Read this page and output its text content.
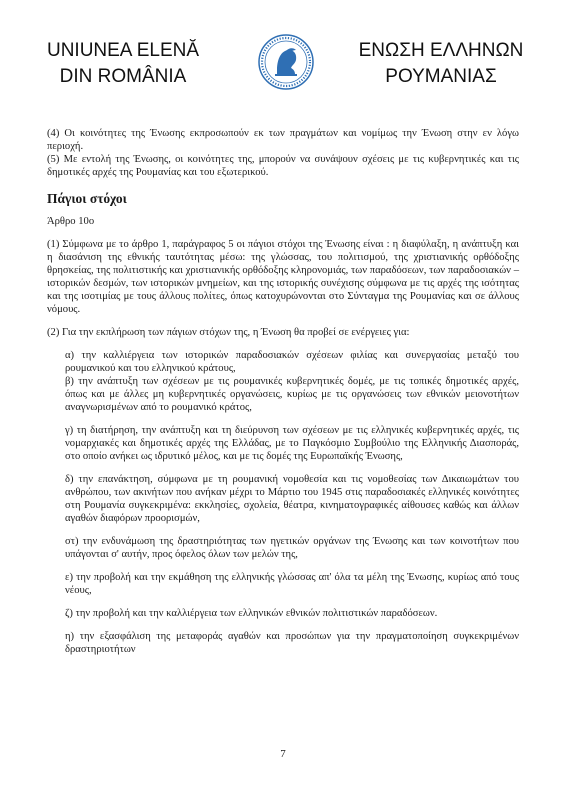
UNIUNEA ELENĂ
DIN ROMÂNIA
ΕΝΩΣΗ ΕΛΛΗΝΩΝ
ΡΟΥΜΑΝΙΑΣ

(4) Οι κοινότητες της Ένωσης εκπροσωπούν εκ των πραγμάτων και νομίμως την Ένωση στην εν λόγω περιοχή.

(5) Με εντολή της Ένωσης, οι κοινότητες της, μπορούν να συνάψουν σχέσεις με τις κυβερνητικές και τις δημοτικές αρχές της Ρουμανίας και του εξωτερικού.

Πάγιοι στόχοι

Άρθρο 10ο

(1) Σύμφωνα με το άρθρο 1, παράγραφος 5 οι πάγιοι στόχοι της Ένωσης είναι : η διαφύλαξη, η ανάπτυξη και η διασάνιση της εθνικής ταυτότητας μέσω: της γλώσσας, του πολιτισμού, της χριστιανικής ορθόδοξης θρησκείας, της πολιτιστικής και χριστιανικής ορθόδοξης κληρονομιάς, των παραδόσεων, των παραδοσιακών – ιστορικών δεσμών, των ιστορικών μνημείων, και της ιστορικής συνέχισης σύμφωνα με τις αρχές της ισότητας και της ισοτιμίας με τους άλλους πολίτες, όπως κατοχυρώνονται στο Σύνταγμα της Ρουμανίας και σε άλλους νόμους.

(2) Για την εκπλήρωση των πάγιων στόχων της, η Ένωση θα προβεί σε ενέργειες για:

α) την καλλιέργεια των ιστορικών παραδοσιακών σχέσεων φιλίας και συνεργασίας μεταξύ του ρουμανικού και του ελληνικού κράτους,

β) την ανάπτυξη των σχέσεων με τις ρουμανικές κυβερνητικές δομές, με τις τοπικές δημοτικές αρχές, όπως και με άλλες μη κυβερνητικές οργανώσεις, κυρίως με τις οργανώσεις των εθνικών μειονοτήτων αναγνωρισμένων από το ρουμανικό κράτος,

γ) τη διατήρηση, την ανάπτυξη και τη διεύρυνση των σχέσεων με τις ελληνικές κυβερνητικές αρχές, τις νομαρχιακές και δημοτικές αρχές της Ελλάδας, με το Παγκόσμιο Συμβούλιο της Ελληνικής Διασποράς, στο οποίο ανήκει ως ιδρυτικό μέλος, και με τις δομές της Ευρωπαϊκής Ένωσης,

δ) την επανάκτηση, σύμφωνα με τη ρουμανική νομοθεσία και τις νομοθεσίας των Δικαιωμάτων του ανθρώπου, των ακινήτων που ανήκαν μέχρι το Μάρτιο του 1945 στις παραδοσιακές ελληνικές κοινότητες στη Ρουμανία συγκεκριμένα: εκκλησίες, σχολεία, θέατρα, κινηματογραφικές αίθουσες καθώς και άλλων αγαθών διαφόρων προορισμών,

στ) την ενδυνάμωση της δραστηριότητας των ηγετικών οργάνων της Ένωσης και των κοινοτήτων που υπάγονται σ' αυτήν, προς όφελος όλων των μελών της,

ε) την προβολή και την εκμάθηση της ελληνικής γλώσσας απ' όλα τα μέλη της Ένωσης, κυρίως από τους νέους,

ζ) την προβολή και την καλλιέργεια των ελληνικών εθνικών πολιτιστικών παραδόσεων.

η) την εξασφάλιση της μεταφοράς αγαθών και προσώπων για την πραγματοποίηση συγκεκριμένων δραστηριοτήτων

7
